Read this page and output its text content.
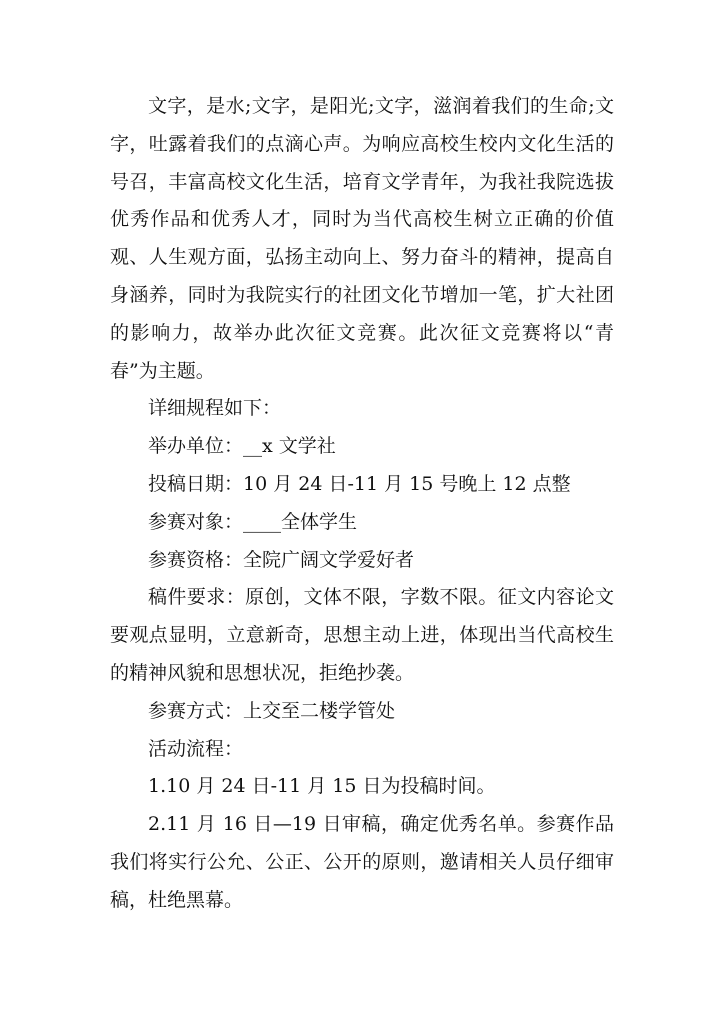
文字，是水;文字，是阳光;文字，滋润着我们的生命;文字，吐露着我们的点滴心声。为响应高校生校内文化生活的号召，丰富高校文化生活，培育文学青年，为我社我院选拔优秀作品和优秀人才，同时为当代高校生树立正确的价值观、人生观方面，弘扬主动向上、努力奋斗的精神，提高自身涵养，同时为我院实行的社团文化节增加一笔，扩大社团的影响力，故举办此次征文竞赛。此次征文竞赛将以“青春”为主题。

详细规程如下：

举办单位：__x 文学社

投稿日期：10 月 24 日-11 月 15 号晚上 12 点整

参赛对象：____全体学生

参赛资格：全院广阔文学爱好者

稿件要求：原创，文体不限，字数不限。征文内容论文要观点显明，立意新奇，思想主动上进，体现出当代高校生的精神风貌和思想状况，拒绝抄袭。

参赛方式：上交至二楼学管处

活动流程：

1.10 月 24 日-11 月 15 日为投稿时间。

2.11 月 16 日—19 日审稿，确定优秀名单。参赛作品我们将实行公允、公正、公开的原则，邀请相关人员仔细审稿，杜绝黑幕。
